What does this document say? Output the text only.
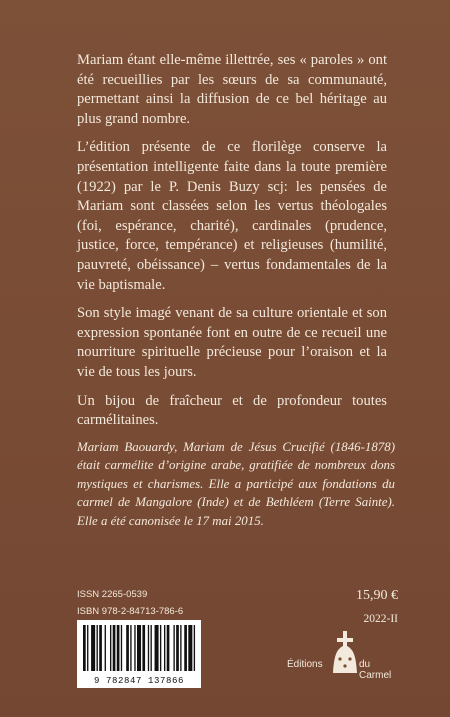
Mariam étant elle-même illettrée, ses « paroles » ont été recueillies par les sœurs de sa communauté, permettant ainsi la diffusion de ce bel héritage au plus grand nombre.

L’édition présente de ce florilège conserve la présentation intelligente faite dans la toute première (1922) par le P. Denis Buzy scj: les pensées de Mariam sont classées selon les vertus théologales (foi, espérance, charité), cardinales (prudence, justice, force, tempérance) et religieuses (humilité, pauvreté, obéissance) – vertus fondamentales de la vie baptismale.

Son style imagé venant de sa culture orientale et son expression spontanée font en outre de ce recueil une nourriture spirituelle précieuse pour l’oraison et la vie de tous les jours.

Un bijou de fraîcheur et de profondeur toutes carmélitaines.

Mariam Baouardy, Mariam de Jésus Crucifié (1846-1878) était carmélite d’origine arabe, gratifiée de nombreux dons mystiques et charismes. Elle a participé aux fondations du carmel de Mangalore (Inde) et de Bethléem (Terre Sainte). Elle a été canonisée le 17 mai 2015.

ISSN 2265-0539
ISBN 978-2-84713-786-6
9 782847 137866
15,90 €
2022-II
Éditions	du Carmel
